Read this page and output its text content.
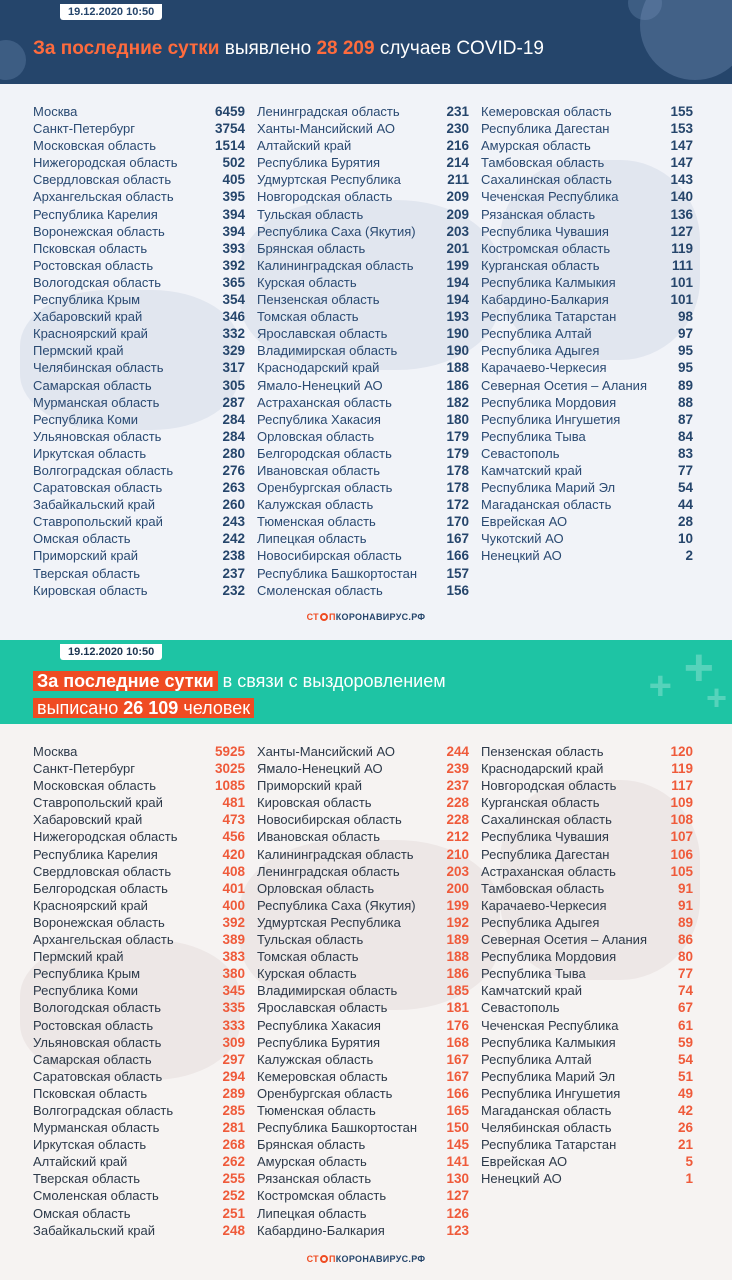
19.12.2020 10:50
За последние сутки выявлено 28 209 случаев COVID-19
Москва	6459
Санкт-Петербург	3754
Московская область	1514
Нижегородская область	502
Свердловская область	405
Архангельская область	395
Республика Карелия	394
Воронежская область	394
Псковская область	393
Ростовская область	392
Вологодская область	365
Республика Крым	354
Хабаровский край	346
Красноярский край	332
Пермский край	329
Челябинская область	317
Самарская область	305
Мурманская область	287
Республика Коми	284
Ульяновская область	284
Иркутская область	280
Волгоградская область	276
Саратовская область	263
Забайкальский край	260
Ставропольский край	243
Омская область	242
Приморский край	238
Тверская область	237
Кировская область	232
Ленинградская область	231
Ханты-Мансийский АО	230
Алтайский край	216
Республика Бурятия	214
Удмуртская Республика	211
Новгородская область	209
Тульская область	209
Республика Саха (Якутия) 203
Брянская область	201
Калининградская область 199
Курская область	194
Пензенская область	194
Томская область	193
Ярославская область	190
Владимирская область	190
Краснодарский край	188
Ямало-Ненецкий АО	186
Астраханская область	182
Республика Хакасия	180
Орловская область	179
Белгородская область	179
Ивановская область	178
Оренбургская область	178
Калужская область	172
Тюменская область	170
Липецкая область	167
Новосибирская область	166
Республика Башкортостан 157
Смоленская область	156
Кемеровская область	155
Республика Дагестан	153
Амурская область	147
Тамбовская область	147
Сахалинская область	143
Чеченская Республика	140
Рязанская область	136
Республика Чувашия	127
Костромская область	119
Курганская область	111
Республика Калмыкия	101
Кабардино-Балкария	101
Республика Татарстан	98
Республика Алтай	97
Республика Адыгея	95
Карачаево-Черкесия	95
Северная Осетия – Алания 89
Республика Мордовия	88
Республика Ингушетия	87
Республика Тыва	84
Севастополь	83
Камчатский край	77
Республика Марий Эл	54
Магаданская область	44
Еврейская АО	28
Чукотский АО	10
Ненецкий АО	2
СТ ПКОРОНАВИРУС.РФ
+
+ +
19.12.2020 10:50
За последние сутки в связи с выздоровлением
выписано 26 109 человек
Москва	5925
Санкт-Петербург	3025
Московская область	1085
Ставропольский край	481
Хабаровский край	473
Нижегородская область	456
Республика Карелия	420
Свердловская область	408
Белгородская область	401
Красноярский край	400
Воронежская область	392
Архангельская область	389
Пермский край	383
Республика Крым	380
Республика Коми	345
Вологодская область	335
Ростовская область	333
Ульяновская область	309
Самарская область	297
Саратовская область	294
Псковская область	289
Волгоградская область	285
Мурманская область	281
Иркутская область	268
Алтайский край	262
Тверская область	255
Смоленская область	252
Омская область	251
Забайкальский край	248
Ханты-Мансийский АО	244
Ямало-Ненецкий АО	239
Приморский край	237
Кировская область	228
Новосибирская область	228
Ивановская область	212
Калининградская область 210
Ленинградская область	203
Орловская область	200
Республика Саха (Якутия) 199
Удмуртская Республика	192
Тульская область	189
Томская область	188
Курская область	186
Владимирская область	185
Ярославская область	181
Республика Хакасия	176
Республика Бурятия	168
Калужская область	167
Кемеровская область	167
Оренбургская область	166
Тюменская область	165
Республика Башкортостан 150
Брянская область	145
Амурская область	141
Рязанская область	130
Костромская область	127
Липецкая область	126
Кабардино-Балкария	123
Пензенская область	120
Краснодарский край	119
Новгородская область	117
Курганская область	109
Сахалинская область	108
Республика Чувашия	107
Республика Дагестан	106
Астраханская область	105
Тамбовская область	91
Карачаево-Черкесия	91
Республика Адыгея	89
Северная Осетия – Алания 86
Республика Мордовия	80
Республика Тыва	77
Камчатский край	74
Севастополь	67
Чеченская Республика	61
Республика Калмыкия	59
Республика Алтай	54
Республика Марий Эл	51
Республика Ингушетия	49
Магаданская область	42
Челябинская область	26
Республика Татарстан	21
Еврейская АО	5
Ненецкий АО	1
СТ ПКОРОНАВИРУС.РФ
